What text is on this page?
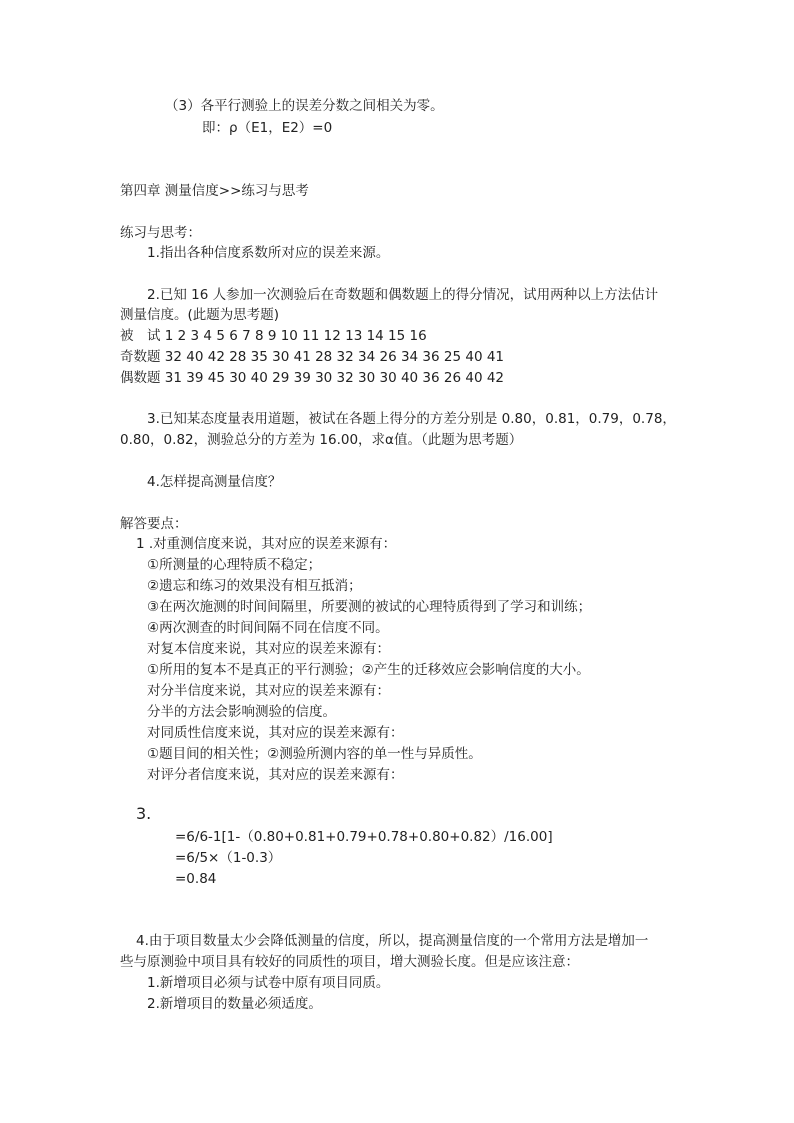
（3）各平行测验上的误差分数之间相关为零。
即：ρ（E1，E2）=0
第四章 测量信度>>练习与思考
练习与思考：
1.指出各种信度系数所对应的误差来源。
2.已知 16 人参加一次测验后在奇数题和偶数题上的得分情况，试用两种以上方法估计
测量信度。(此题为思考题)
被　试 1 2 3 4 5 6 7 8 9 10 11 12 13 14 15 16
奇数题 32 40 42 28 35 30 41 28 32 34 26 34 36 25 40 41
偶数题 31 39 45 30 40 29 39 30 32 30 30 40 36 26 40 42
3.已知某态度量表用道题，被试在各题上得分的方差分别是 0.80，0.81，0.79，0.78，
0.80，0.82，测验总分的方差为 16.00，求α值。（此题为思考题）
4.怎样提高测量信度？
解答要点：
1 .对重测信度来说，其对应的误差来源有：
①所测量的心理特质不稳定；
②遗忘和练习的效果没有相互抵消；
③在两次施测的时间间隔里，所要测的被试的心理特质得到了学习和训练；
④两次测查的时间间隔不同在信度不同。
对复本信度来说，其对应的误差来源有：
①所用的复本不是真正的平行测验；②产生的迁移效应会影响信度的大小。
对分半信度来说，其对应的误差来源有：
分半的方法会影响测验的信度。
对同质性信度来说，其对应的误差来源有：
①题目间的相关性；②测验所测内容的单一性与异质性。
对评分者信度来说，其对应的误差来源有：
3.
=6/6-1[1-（0.80+0.81+0.79+0.78+0.80+0.82）/16.00]
=6/5×（1-0.3）
=0.84
4.由于项目数量太少会降低测量的信度，所以，提高测量信度的一个常用方法是增加一
些与原测验中项目具有较好的同质性的项目，增大测验长度。但是应该注意：
1.新增项目必须与试卷中原有项目同质。
2.新增项目的数量必须适度。
